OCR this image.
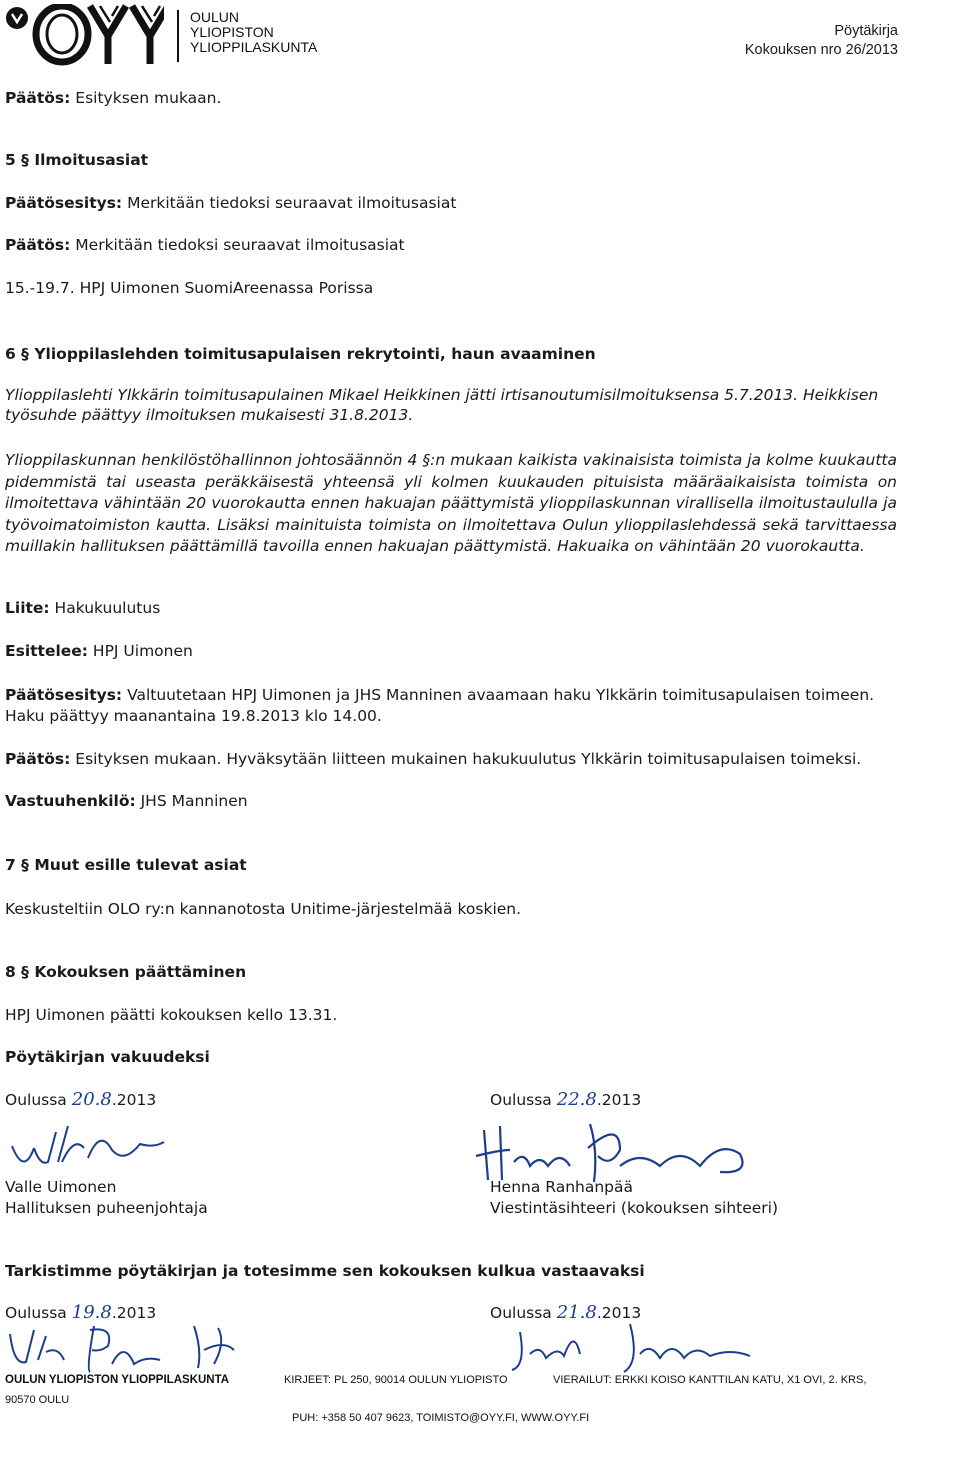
OULUN
YLIOPISTON
YLIOPPILASKUNTA
Pöytäkirja
Kokouksen nro 26/2013

Päätös: Esityksen mukaan.

5 § Ilmoitusasiat

Päätösesitys: Merkitään tiedoksi seuraavat ilmoitusasiat

Päätös: Merkitään tiedoksi seuraavat ilmoitusasiat

15.-19.7. HPJ Uimonen SuomiAreenassa Porissa

6 § Ylioppilaslehden toimitusapulaisen rekrytointi, haun avaaminen

Ylioppilaslehti Ylkkärin toimitusapulainen Mikael Heikkinen jätti irtisanoutumisilmoituksensa 5.7.2013. Heikkisen työsuhde päättyy ilmoituksen mukaisesti 31.8.2013.

Ylioppilaskunnan henkilöstöhallinnon johtosäännön 4 §:n mukaan kaikista vakinaisista toimista ja kolme kuukautta pidemmistä tai useasta peräkkäisestä yhteensä yli kolmen kuukauden pituisista määräaikaisista toimista on ilmoitettava vähintään 20 vuorokautta ennen hakuajan päättymistä ylioppilaskunnan virallisella ilmoitustaululla ja työvoimatoimiston kautta. Lisäksi mainituista toimista on ilmoitettava Oulun ylioppilaslehdessä sekä tarvittaessa muillakin hallituksen päättämillä tavoilla ennen hakuajan päättymistä. Hakuaika on vähintään 20 vuorokautta.

Liite: Hakukuulutus

Esittelee: HPJ Uimonen

Päätösesitys: Valtuutetaan HPJ Uimonen ja JHS Manninen avaamaan haku Ylkkärin toimitusapulaisen toimeen. Haku päättyy maanantaina 19.8.2013 klo 14.00.

Päätös: Esityksen mukaan. Hyväksytään liitteen mukainen hakukuulutus Ylkkärin toimitusapulaisen toimeksi.

Vastuuhenkilö: JHS Manninen

7 § Muut esille tulevat asiat

Keskusteltiin OLO ry:n kannanotosta Unitime-järjestelmää koskien.

8 § Kokouksen päättäminen

HPJ Uimonen päätti kokouksen kello 13.31.

Pöytäkirjan vakuudeksi

Oulussa 20.8.2013	Oulussa 22.8.2013

Valle Uimonen
Hallituksen puheenjohtaja

Henna Ranhanpää
Viestintäsihteeri (kokouksen sihteeri)

Tarkistimme pöytäkirjan ja totesimme sen kokouksen kulkua vastaavaksi

Oulussa 19.8.2013	Oulussa 21.8.2013

OULUN YLIOPISTON YLIOPPILASKUNTA
90570 OULU
KIRJEET: PL 250, 90014 OULUN YLIOPISTO	VIERAILUT: ERKKI KOISO KANTTILAN KATU, X1 OVI, 2. KRS,
PUH: +358 50 407 9623, TOIMISTO@OYY.FI, WWW.OYY.FI
